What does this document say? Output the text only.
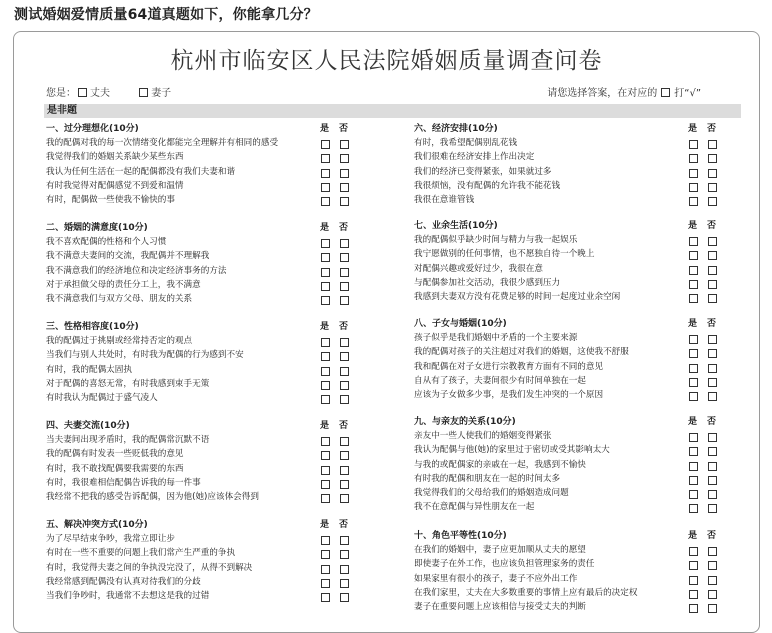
测试婚姻爱情质量64道真题如下，你能拿几分？
杭州市临安区人民法院婚姻质量调查问卷
您是： 丈夫	妻子	请您选择答案，在对应的 打“√”
是非题
一、过分理想化(10分)	是 否
我的配偶对我的每一次情绪变化都能完全理解并有相同的感受
我觉得我们的婚姻关系缺少某些东西
我认为任何生活在一起的配偶都没有我们夫妻和谐
有时我觉得对配偶感觉不到爱和温情
有时，配偶做一些使我不愉快的事
二、婚姻的满意度(10分)	是 否
我不喜欢配偶的性格和个人习惯
我不满意夫妻间的交流，我配偶并不理解我
我不满意我们的经济地位和决定经济事务的方法
对于承担做父母的责任分工上，我不满意
我不满意我们与双方父母、朋友的关系
三、性格相容度(10分)	是 否
我的配偶过于挑剔或经常持否定的观点
当我们与别人共处时，有时我为配偶的行为感到不安
有时，我的配偶太固执
对于配偶的喜怒无常，有时我感到束手无策
有时我认为配偶过于盛气凌人
四、夫妻交流(10分)	是 否
当夫妻间出现矛盾时，我的配偶常沉默不语
我的配偶有时发表一些贬低我的意见
有时，我不敢找配偶要我需要的东西
有时，我很难相信配偶告诉我的每一件事
我经常不把我的感受告诉配偶，因为他(她)应该体会得到
五、解决冲突方式(10分)	是 否
为了尽早结束争吵，我常立即让步
有时在一些不重要的问题上我们常产生严重的争执
有时，我觉得夫妻之间的争执没完没了，从得不到解决
我经常感到配偶没有认真对待我们的分歧
当我们争吵时，我通常不去想这是我的过错
六、经济安排(10分)	是 否
有时，我希望配偶别乱花钱
我们很难在经济安排上作出决定
我们的经济已变得紧张，如果就过多
我很烦恼，没有配偶的允许我不能花钱
我很在意谁管钱
七、业余生活(10分)	是 否
我的配偶似乎缺少时间与精力与我一起娱乐
我宁愿做别的任何事情，也不愿独自待一个晚上
对配偶兴趣或爱好过少，我很在意
与配偶参加社交活动，我很少感到压力
我感到夫妻双方没有花费足够的时间一起度过业余空闲
八、子女与婚姻(10分)	是 否
孩子似乎是我们婚姻中矛盾的一个主要来源
我的配偶对孩子的关注超过对我们的婚姻，这使我不舒服
我和配偶在对子女进行宗教教育方面有不同的意见
自从有了孩子，夫妻间很少有时间单独在一起
应该为子女做多少事，是我们发生冲突的一个原因
九、与亲友的关系(10分)	是 否
亲友中一些人使我们的婚姻变得紧张
我认为配偶与他(她)的家里过于密切或受其影响太大
与我的或配偶家的亲戚在一起，我感到不愉快
有时我的配偶和朋友在一起的时间太多
我觉得我们的父母给我们的婚姻造成问题
我不在意配偶与异性朋友在一起
十、角色平等性(10分)	是 否
在我们的婚姻中，妻子应更加顺从丈夫的愿望
即使妻子在外工作，也应该负担管理家务的责任
如果家里有很小的孩子，妻子不应外出工作
在我们家里，丈夫在大多数重要的事情上应有最后的决定权
妻子在重要问题上应该相信与接受丈夫的判断
